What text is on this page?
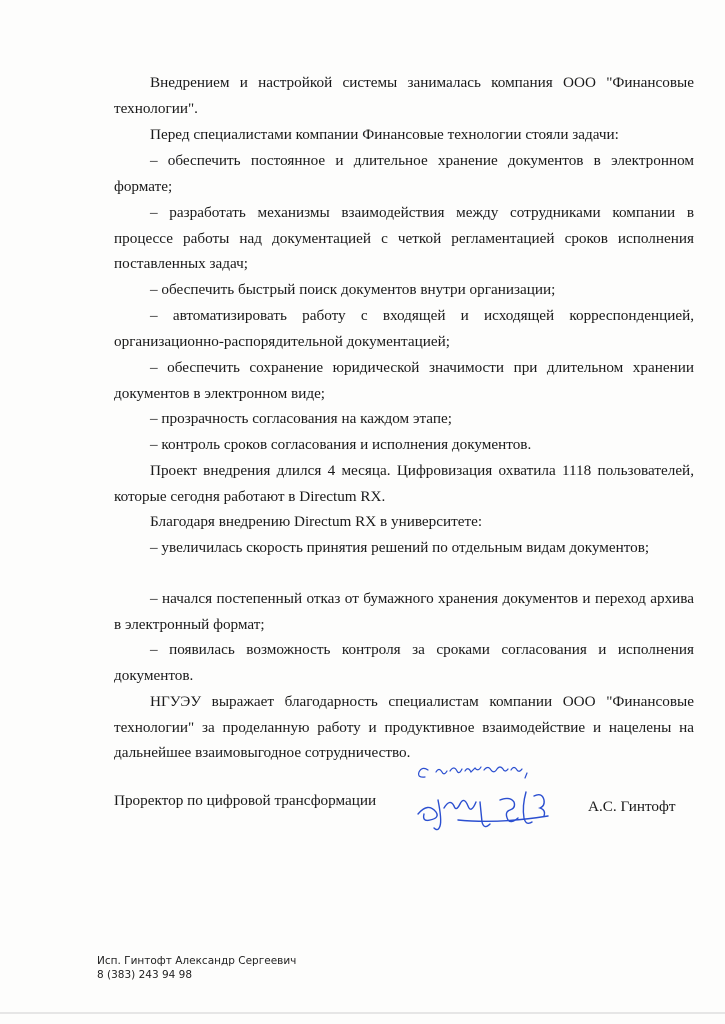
Внедрением и настройкой системы занималась компания ООО "Финансовые технологии".
Перед специалистами компании Финансовые технологии стояли задачи:
– обеспечить постоянное и длительное хранение документов в электронном формате;
– разработать механизмы взаимодействия между сотрудниками компании в процессе работы над документацией с четкой регламентацией сроков исполнения поставленных задач;
– обеспечить быстрый поиск документов внутри организации;
– автоматизировать работу с входящей и исходящей корреспонденцией, организационно-распорядительной документацией;
– обеспечить сохранение юридической значимости при длительном хранении документов в электронном виде;
– прозрачность согласования на каждом этапе;
– контроль сроков согласования и исполнения документов.
Проект внедрения длился 4 месяца. Цифровизация охватила 1118 пользователей, которые сегодня работают в Directum RX.
Благодаря внедрению Directum RX в университете:
– увеличилась скорость принятия решений по отдельным видам документов;
– начался постепенный отказ от бумажного хранения документов и переход архива в электронный формат;
– появилась возможность контроля за сроками согласования и исполнения документов.
НГУЭУ выражает благодарность специалистам компании ООО "Финансовые технологии" за проделанную работу и продуктивное взаимодействие и нацелены на дальнейшее взаимовыгодное сотрудничество.
Проректор по цифровой трансформации	А.С. Гинтофт
Исп. Гинтофт Александр Сергеевич
8 (383) 243 94 98
